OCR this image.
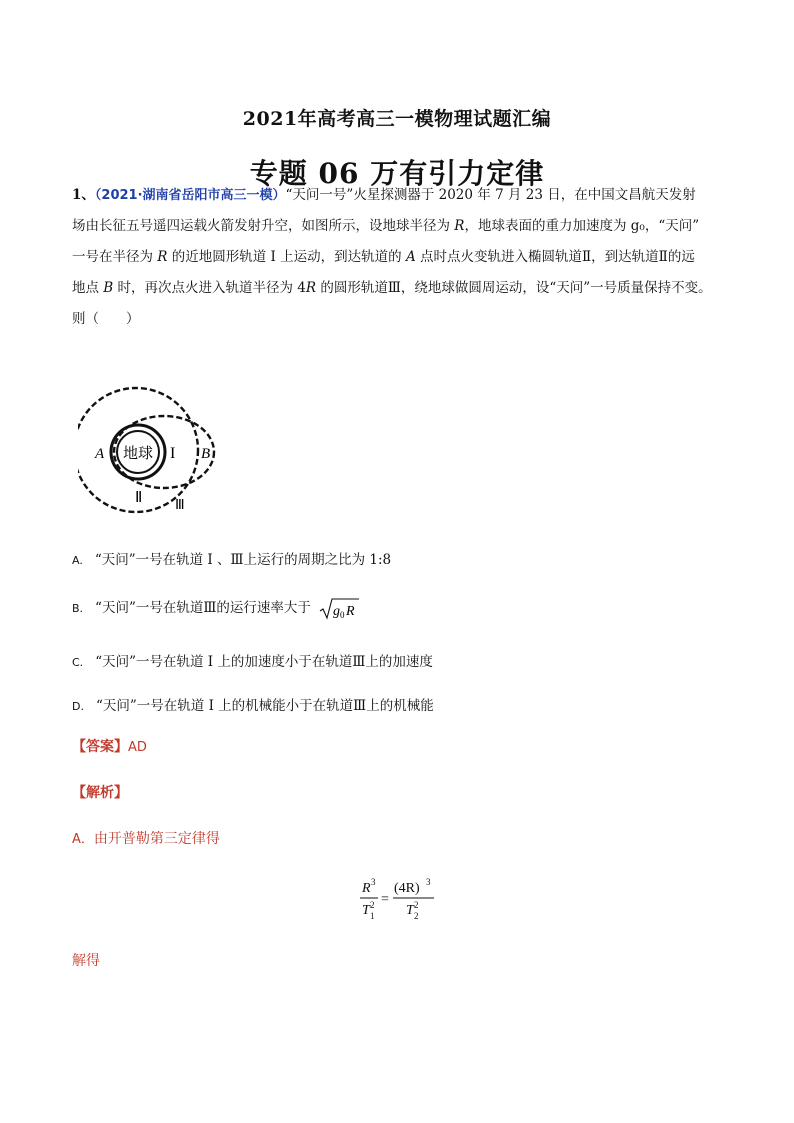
2021年高考高三一模物理试题汇编
专题 06 万有引力定律
1、（2021·湖南省岳阳市高三一模）“天问一号”火星探测器于 2020 年 7 月 23 日，在中国文昌航天发射
场由长征五号遥四运载火箭发射升空，如图所示，设地球半径为 R，地球表面的重力加速度为 g₀，“天问”
一号在半径为 R 的近地圆形轨道 I 上运动，到达轨道的 A 点时点火变轨进入椭圆轨道Ⅱ，到达轨道Ⅱ的远
地点 B 时，再次点火进入轨道半径为 4R 的圆形轨道Ⅲ，绕地球做圆周运动，设“天问”一号质量保持不变。
则（　　）
地球
A	B
I
Ⅱ Ⅲ
A. “天问”一号在轨道 I 、Ⅲ上运行的周期之比为 1:8
B. “天问”一号在轨道Ⅲ的运行速率大于 g 0 R
C. “天问”一号在轨道 I 上的加速度小于在轨道Ⅲ上的加速度
D. “天问”一号在轨道 I 上的机械能小于在轨道Ⅲ上的机械能
【答案】AD
【解析】
A．由开普勒第三定律得
R 3
T 2
1
=
(4R) 3
T 2
2
解得
